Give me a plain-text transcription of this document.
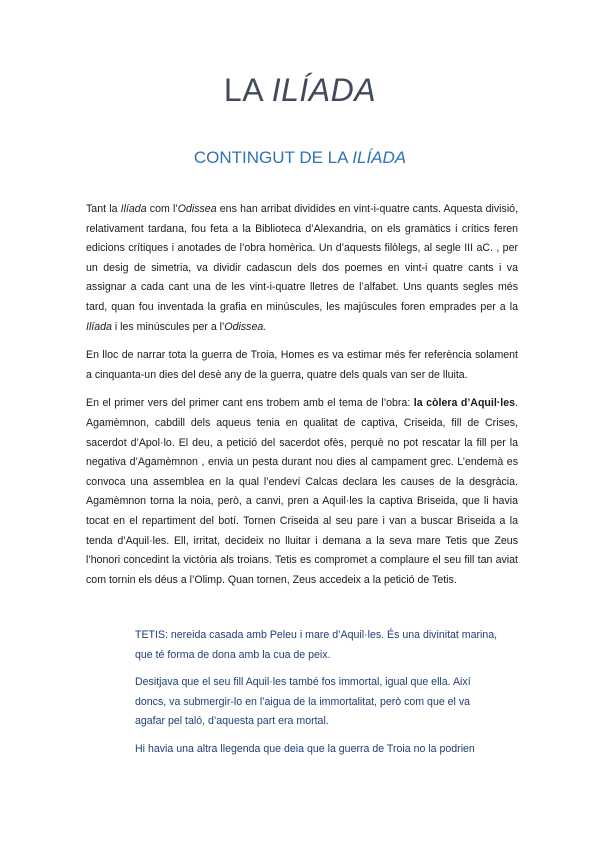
LA ILÍADA
CONTINGUT DE LA ILÍADA

Tant la Ilíada com l’Odissea ens han arribat dividides en vint-i-quatre cants. Aquesta divisió, relativament tardana, fou feta a la Biblioteca d’Alexandria, on els gramàtics i crítics feren edicions crítiques i anotades de l’obra homèrica. Un d’aquests filòlegs, al segle III aC. , per un desig de simetria, va dividir cadascun dels dos poemes en vint-i quatre cants i va assignar a cada cant una de les vint-i-quatre lletres de l’alfabet. Uns quants segles més tard, quan fou inventada la grafia en minúscules, les majúscules foren emprades per a la Ilíada i les minúscules per a l’Odissea.

En lloc de narrar tota la guerra de Troia, Homes es va estimar més fer referència solament a cinquanta-un dies del desè any de la guerra, quatre dels quals van ser de lluita.

En el primer vers del primer cant ens trobem amb el tema de l’obra: la còlera d’Aquil·les. Agamèmnon, cabdill dels aqueus tenia en qualitat de captiva, Criseida, fill de Crises, sacerdot d’Apol·lo. El deu, a petició del sacerdot ofès, perquè no pot rescatar la fill per la negativa d’Agamèmnon , envia un pesta durant nou dies al campament grec. L’endemà es convoca una assemblea en la qual l’endeví Calcas declara les causes de la desgràcia. Agamèmnon torna la noia, però, a canvi, pren a Aquil·les la captiva Briseida, que li havia tocat en el repartiment del botí. Tornen Criseida al seu pare i van a buscar Briseida a la tenda d’Aquil·les. Ell, irritat, decideix no lluitar i demana a la seva mare Tetis que Zeus l’honori concedint la victòria als troians. Tetis es compromet a complaure el seu fill tan aviat com tornin els déus a l’Olimp. Quan tornen, Zeus accedeix a la petició de Tetis.

TETIS: nereida casada amb Peleu i mare d’Aquil·les. És una divinitat marina, que té forma de dona amb la cua de peix.

Desitjava que el seu fill Aquil·les també fos immortal, igual que ella. Així doncs, va submergir-lo en l’aigua de la immortalitat, però com que el va agafar pel taló, d’aquesta part era mortal.

Hi havia una altra llegenda que deia que la guerra de Troia no la podrien
